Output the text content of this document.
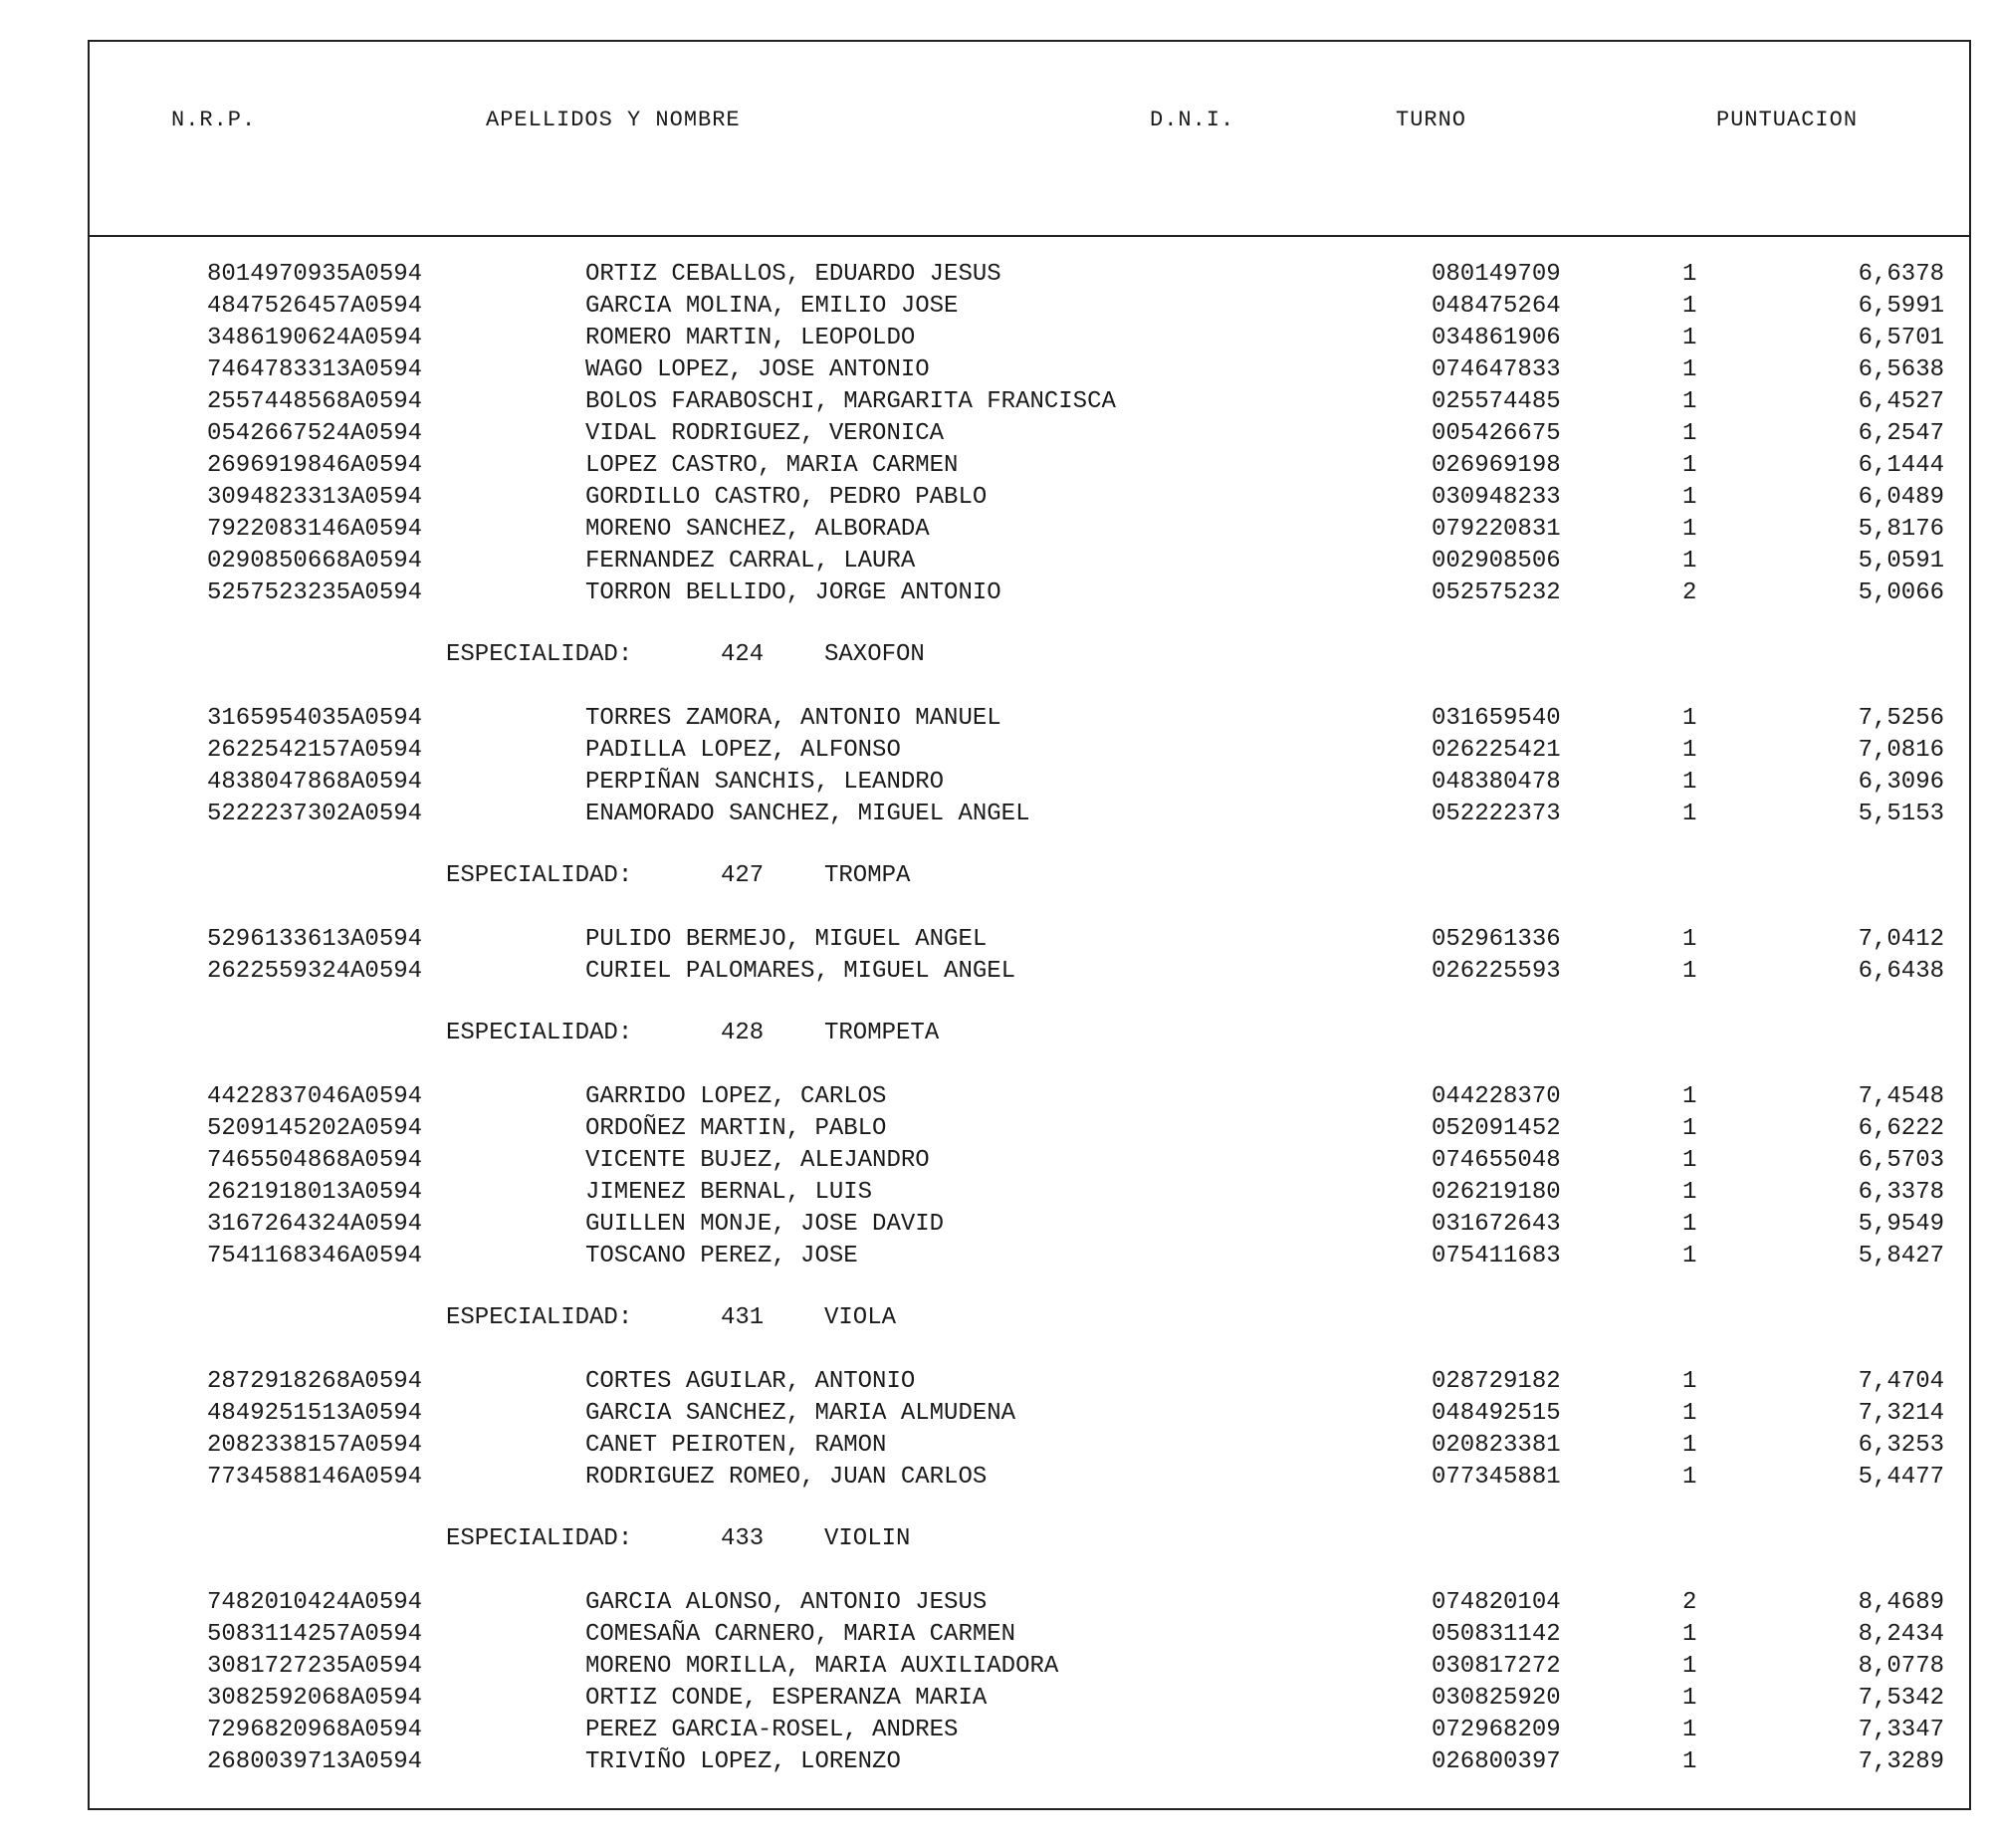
N.R.P.	APELLIDOS Y NOMBRE	D.N.I.	TURNO	PUNTUACION
8014970935A0594	ORTIZ CEBALLOS, EDUARDO JESUS	080149709	1	6,6378
4847526457A0594	GARCIA MOLINA, EMILIO JOSE	048475264	1	6,5991
3486190624A0594	ROMERO MARTIN, LEOPOLDO	034861906	1	6,5701
7464783313A0594	WAGO LOPEZ, JOSE ANTONIO	074647833	1	6,5638
2557448568A0594	BOLOS FARABOSCHI, MARGARITA FRANCISCA	025574485	1	6,4527
0542667524A0594	VIDAL RODRIGUEZ, VERONICA	005426675	1	6,2547
2696919846A0594	LOPEZ CASTRO, MARIA CARMEN	026969198	1	6,1444
3094823313A0594	GORDILLO CASTRO, PEDRO PABLO	030948233	1	6,0489
7922083146A0594	MORENO SANCHEZ, ALBORADA	079220831	1	5,8176
0290850668A0594	FERNANDEZ CARRAL, LAURA	002908506	1	5,0591
5257523235A0594	TORRON BELLIDO, JORGE ANTONIO	052575232	2	5,0066
ESPECIALIDAD:	424	SAXOFON
3165954035A0594	TORRES ZAMORA, ANTONIO MANUEL	031659540	1	7,5256
2622542157A0594	PADILLA LOPEZ, ALFONSO	026225421	1	7,0816
4838047868A0594	PERPIÑAN SANCHIS, LEANDRO	048380478	1	6,3096
5222237302A0594	ENAMORADO SANCHEZ, MIGUEL ANGEL	052222373	1	5,5153
ESPECIALIDAD:	427	TROMPA
5296133613A0594	PULIDO BERMEJO, MIGUEL ANGEL	052961336	1	7,0412
2622559324A0594	CURIEL PALOMARES, MIGUEL ANGEL	026225593	1	6,6438
ESPECIALIDAD:	428	TROMPETA
4422837046A0594	GARRIDO LOPEZ, CARLOS	044228370	1	7,4548
5209145202A0594	ORDOÑEZ MARTIN, PABLO	052091452	1	6,6222
7465504868A0594	VICENTE BUJEZ, ALEJANDRO	074655048	1	6,5703
2621918013A0594	JIMENEZ BERNAL, LUIS	026219180	1	6,3378
3167264324A0594	GUILLEN MONJE, JOSE DAVID	031672643	1	5,9549
7541168346A0594	TOSCANO PEREZ, JOSE	075411683	1	5,8427
ESPECIALIDAD:	431	VIOLA
2872918268A0594	CORTES AGUILAR, ANTONIO	028729182	1	7,4704
4849251513A0594	GARCIA SANCHEZ, MARIA ALMUDENA	048492515	1	7,3214
2082338157A0594	CANET PEIROTEN, RAMON	020823381	1	6,3253
7734588146A0594	RODRIGUEZ ROMEO, JUAN CARLOS	077345881	1	5,4477
ESPECIALIDAD:	433	VIOLIN
7482010424A0594	GARCIA ALONSO, ANTONIO JESUS	074820104	2	8,4689
5083114257A0594	COMESAÑA CARNERO, MARIA CARMEN	050831142	1	8,2434
3081727235A0594	MORENO MORILLA, MARIA AUXILIADORA	030817272	1	8,0778
3082592068A0594	ORTIZ CONDE, ESPERANZA MARIA	030825920	1	7,5342
7296820968A0594	PEREZ GARCIA-ROSEL, ANDRES	072968209	1	7,3347
2680039713A0594	TRIVIÑO LOPEZ, LORENZO	026800397	1	7,3289
